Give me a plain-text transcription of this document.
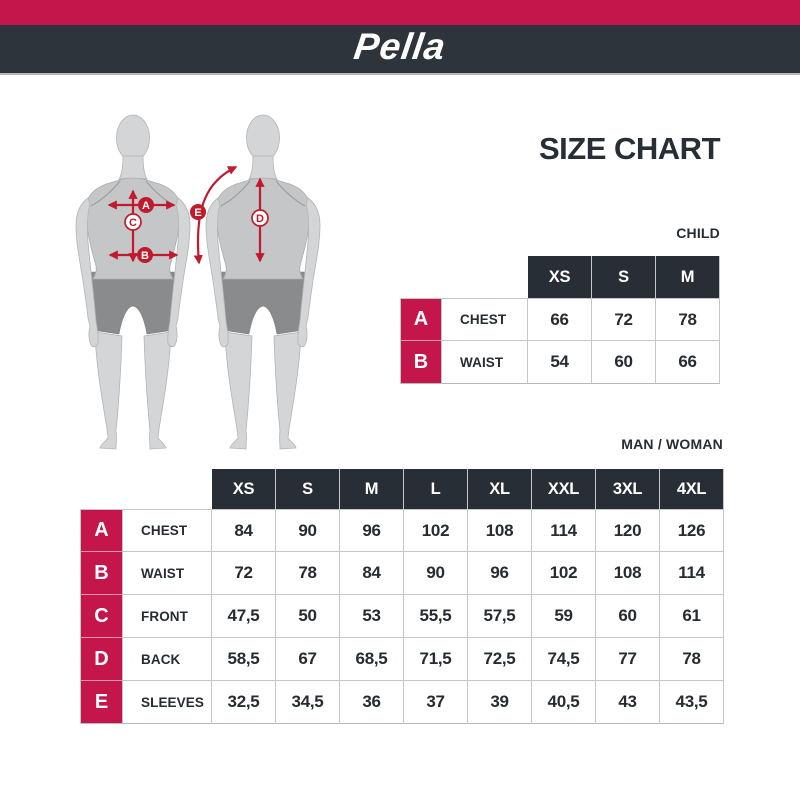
Pella
SIZE CHART
CHILD
MAN / WOMAN
A
B
C	D
E
XS	S	M
A	CHEST	66	72	78
B	WAIST	54	60	66
XS	S	M	L	XL	XXL	3XL	4XL
A	CHEST	84	90	96	102	108	114	120	126
B	WAIST	72	78	84	90	96	102	108	114
C	FRONT	47,5	50	53	55,5	57,5	59	60	61
D	BACK	58,5	67	68,5	71,5	72,5	74,5	77	78
E	SLEEVES	32,5	34,5	36	37	39	40,5	43	43,5
